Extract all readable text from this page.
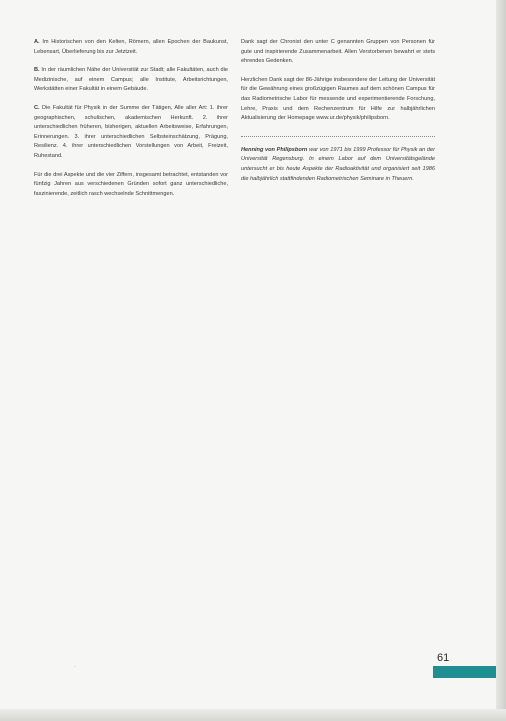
A. Im Historischen von den Kelten, Römern, allen Epochen der Baukunst, Lebensart, Überlieferung bis zur Jetztzeit.

B. In der räumlichen Nähe der Universität zur Stadt; alle Fakultäten, auch die Medizinische, auf einem Campus; alle Institute, Arbeitsrichtungen, Werkstätten einer Fakultät in einem Gebäude.

C. Die Fakultät für Physik in der Summe der Tätigen, Alle aller Art: 1. ihrer geographischen, schulischen, akademischen Herkunft. 2. ihrer unterschiedlichen früheren, bisherigen, aktuellen Arbeitsweise, Erfahrungen, Erinnerungen. 3. ihrer unterschiedlichen Selbsteinschätzung, Prägung, Resilienz. 4. ihrer unterschiedlichen Vorstellungen von Arbeit, Freizeit, Ruhestand.

Für die drei Aspekte und die vier Ziffern, insgesamt betrachtet, entstanden vor fünfzig Jahren aus verschiedenen Gründen sofort ganz unterschiedliche, faszinierende, zeitlich rasch wechselnde Schnittmengen.

Dank sagt der Chronist den unter C genannten Gruppen von Personen für gute und inspirierende Zusammenarbeit. Allen Verstorbenen bewahrt er stets ehrendes Gedenken.

Herzlichen Dank sagt der 86-Jährige insbesondere der Leitung der Universität für die Gewährung eines großzügigen Raumes auf dem schönen Campus für das Radiometrische Labor für messende und experimentierende Forschung, Lehre, Praxis und dem Rechenzentrum für Hilfe zur halbjährlichen Aktualisierung der Homepage www.ur.de/physik/philipsborn.

Henning von Philipsborn war von 1971 bis 1999 Professor für Physik an der Universität Regensburg. In einem Labor auf dem Universitätsgelände untersucht er bis heute Aspekte der Radioaktivität und organisiert seit 1986 die halbjährlich stattfindenden Radiometrischen Seminare in Theuern.

·
61
